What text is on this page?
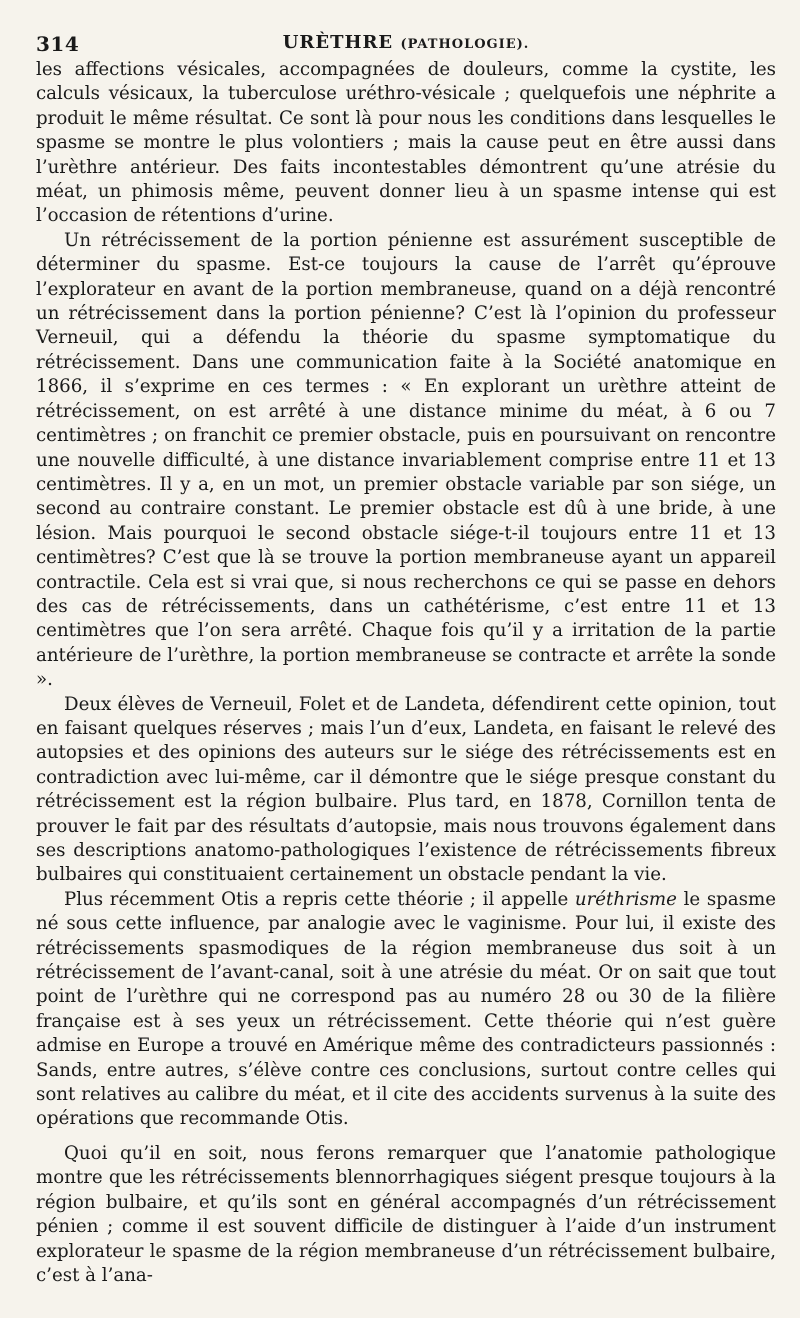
314	URÈTHRE (PATHOLOGIE).

les affections vésicales, accompagnées de douleurs, comme la cystite, les calculs vésicaux, la tuberculose uréthro-vésicale ; quelquefois une néphrite a produit le même résultat. Ce sont là pour nous les conditions dans lesquelles le spasme se montre le plus volontiers ; mais la cause peut en être aussi dans l’urèthre antérieur. Des faits incontestables démontrent qu’une atrésie du méat, un phimosis même, peuvent donner lieu à un spasme intense qui est l’occasion de rétentions d’urine.

Un rétrécissement de la portion pénienne est assurément susceptible de déterminer du spasme. Est-ce toujours la cause de l’arrêt qu’éprouve l’explorateur en avant de la portion membraneuse, quand on a déjà rencontré un rétrécissement dans la portion pénienne? C’est là l’opinion du professeur Verneuil, qui a défendu la théorie du spasme symptomatique du rétrécissement. Dans une communication faite à la Société anatomique en 1866, il s’exprime en ces termes : « En explorant un urèthre atteint de rétrécissement, on est arrêté à une distance minime du méat, à 6 ou 7 centimètres ; on franchit ce premier obstacle, puis en poursuivant on rencontre une nouvelle difficulté, à une distance invariablement comprise entre 11 et 13 centimètres. Il y a, en un mot, un premier obstacle variable par son siége, un second au contraire constant. Le premier obstacle est dû à une bride, à une lésion. Mais pourquoi le second obstacle siége-t-il toujours entre 11 et 13 centimètres? C’est que là se trouve la portion membraneuse ayant un appareil contractile. Cela est si vrai que, si nous recherchons ce qui se passe en dehors des cas de rétrécissements, dans un cathétérisme, c’est entre 11 et 13 centimètres que l’on sera arrêté. Chaque fois qu’il y a irritation de la partie antérieure de l’urèthre, la portion membraneuse se contracte et arrête la sonde ».

Deux élèves de Verneuil, Folet et de Landeta, défendirent cette opinion, tout en faisant quelques réserves ; mais l’un d’eux, Landeta, en faisant le relevé des autopsies et des opinions des auteurs sur le siége des rétrécissements est en contradiction avec lui-même, car il démontre que le siége presque constant du rétrécissement est la région bulbaire. Plus tard, en 1878, Cornillon tenta de prouver le fait par des résultats d’autopsie, mais nous trouvons également dans ses descriptions anatomo-pathologiques l’existence de rétrécissements fibreux bulbaires qui constituaient certainement un obstacle pendant la vie.

Plus récemment Otis a repris cette théorie ; il appelle uréthrisme le spasme né sous cette influence, par analogie avec le vaginisme. Pour lui, il existe des rétrécissements spasmodiques de la région membraneuse dus soit à un rétrécissement de l’avant-canal, soit à une atrésie du méat. Or on sait que tout point de l’urèthre qui ne correspond pas au numéro 28 ou 30 de la filière française est à ses yeux un rétrécissement. Cette théorie qui n’est guère admise en Europe a trouvé en Amérique même des contradicteurs passionnés : Sands, entre autres, s’élève contre ces conclusions, surtout contre celles qui sont relatives au calibre du méat, et il cite des accidents survenus à la suite des opérations que recommande Otis.

Quoi qu’il en soit, nous ferons remarquer que l’anatomie pathologique montre que les rétrécissements blennorrhagiques siégent presque toujours à la région bulbaire, et qu’ils sont en général accompagnés d’un rétrécissement pénien ; comme il est souvent difficile de distinguer à l’aide d’un instrument explorateur le spasme de la région membraneuse d’un rétrécissement bulbaire, c’est à l’ana-
